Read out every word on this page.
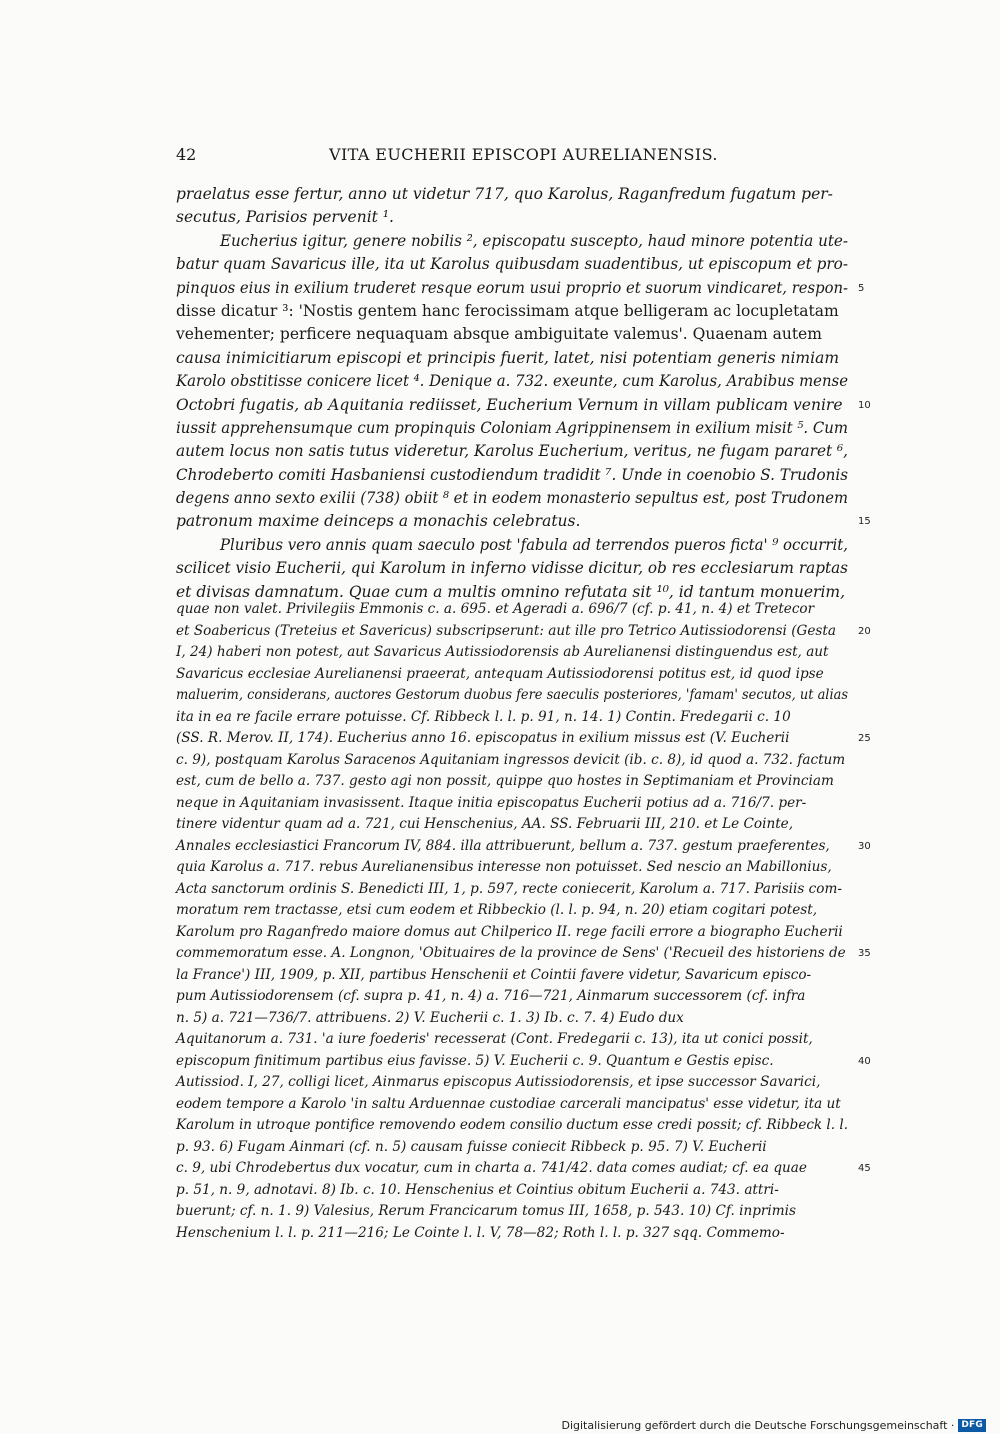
42	VITA EUCHERII EPISCOPI AURELIANENSIS.
praelatus esse fertur, anno ut videtur 717, quo Karolus, Raganfredum fugatum per-
secutus, Parisios pervenit ¹.
Eucherius igitur, genere nobilis ², episcopatu suscepto, haud minore potentia ute-
batur quam Savaricus ille, ita ut Karolus quibusdam suadentibus, ut episcopum et pro-
pinquos eius in exilium truderet resque eorum usui proprio et suorum vindicaret, respon- 5
disse dicatur ³: 'Nostis gentem hanc ferocissimam atque belligeram ac locupletatam
vehementer; perficere nequaquam absque ambiguitate valemus'. Quaenam autem
causa inimicitiarum episcopi et principis fuerit, latet, nisi potentiam generis nimiam
Karolo obstitisse conicere licet ⁴. Denique a. 732. exeunte, cum Karolus, Arabibus mense
Octobri fugatis, ab Aquitania rediisset, Eucherium Vernum in villam publicam venire 10
iussit apprehensumque cum propinquis Coloniam Agrippinensem in exilium misit ⁵. Cum
autem locus non satis tutus videretur, Karolus Eucherium, veritus, ne fugam pararet ⁶,
Chrodeberto comiti Hasbaniensi custodiendum tradidit ⁷. Unde in coenobio S. Trudonis
degens anno sexto exilii (738) obiit ⁸ et in eodem monasterio sepultus est, post Trudonem
patronum maxime deinceps a monachis celebratus.	15
Pluribus vero annis quam saeculo post 'fabula ad terrendos pueros ficta' ⁹ occurrit,
scilicet visio Eucherii, qui Karolum in inferno vidisse dicitur, ob res ecclesiarum raptas
et divisas damnatum. Quae cum a multis omnino refutata sit ¹⁰, id tantum monuerim,
quae non valet. Privilegiis Emmonis c. a. 695. et Ageradi a. 696/7 (cf. p. 41, n. 4) et Tretecor
et Soabericus (Treteius et Savericus) subscripserunt: aut ille pro Tetrico Autissiodorensi (Gesta 20
I, 24) haberi non potest, aut Savaricus Autissiodorensis ab Aurelianensi distinguendus est, aut
Savaricus ecclesiae Aurelianensi praeerat, antequam Autissiodorensi potitus est, id quod ipse
maluerim, considerans, auctores Gestorum duobus fere saeculis posteriores, 'famam' secutos, ut alias
ita in ea re facile errare potuisse. Cf. Ribbeck l. l. p. 91, n. 14. 1) Contin. Fredegarii c. 10
(SS. R. Merov. II, 174). Eucherius anno 16. episcopatus in exilium missus est (V. Eucherii	25
c. 9), postquam Karolus Saracenos Aquitaniam ingressos devicit (ib. c. 8), id quod a. 732. factum
est, cum de bello a. 737. gesto agi non possit, quippe quo hostes in Septimaniam et Provinciam
neque in Aquitaniam invasissent. Itaque initia episcopatus Eucherii potius ad a. 716/7. per-
tinere videntur quam ad a. 721, cui Henschenius, AA. SS. Februarii III, 210. et Le Cointe,
Annales ecclesiastici Francorum IV, 884. illa attribuerunt, bellum a. 737. gestum praeferentes,	30
quia Karolus a. 717. rebus Aurelianensibus interesse non potuisset. Sed nescio an Mabillonius,
Acta sanctorum ordinis S. Benedicti III, 1, p. 597, recte coniecerit, Karolum a. 717. Parisiis com-
moratum rem tractasse, etsi cum eodem et Ribbeckio (l. l. p. 94, n. 20) etiam cogitari potest,
Karolum pro Raganfredo maiore domus aut Chilperico II. rege facili errore a biographo Eucherii
commemoratum esse. A. Longnon, 'Obituaires de la province de Sens' ('Recueil des historiens de 35
la France') III, 1909, p. XII, partibus Henschenii et Cointii favere videtur, Savaricum episco-
pum Autissiodorensem (cf. supra p. 41, n. 4) a. 716—721, Ainmarum successorem (cf. infra
n. 5) a. 721—736/7. attribuens. 2) V. Eucherii c. 1. 3) Ib. c. 7. 4) Eudo dux
Aquitanorum a. 731. 'a iure foederis' recesserat (Cont. Fredegarii c. 13), ita ut conici possit,
episcopum finitimum partibus eius favisse. 5) V. Eucherii c. 9. Quantum e Gestis episc.	40
Autissiod. I, 27, colligi licet, Ainmarus episcopus Autissiodorensis, et ipse successor Savarici,
eodem tempore a Karolo 'in saltu Arduennae custodiae carcerali mancipatus' esse videtur, ita ut
Karolum in utroque pontifice removendo eodem consilio ductum esse credi possit; cf. Ribbeck l. l.
p. 93. 6) Fugam Ainmari (cf. n. 5) causam fuisse coniecit Ribbeck p. 95. 7) V. Eucherii
c. 9, ubi Chrodebertus dux vocatur, cum in charta a. 741/42. data comes audiat; cf. ea quae	45
p. 51, n. 9, adnotavi. 8) Ib. c. 10. Henschenius et Cointius obitum Eucherii a. 743. attri-
buerunt; cf. n. 1. 9) Valesius, Rerum Francicarum tomus III, 1658, p. 543. 10) Cf. inprimis
Henschenium l. l. p. 211—216; Le Cointe l. l. V, 78—82; Roth l. l. p. 327 sqq. Commemo-
Digitalisierung gefördert durch die Deutsche Forschungsgemeinschaft · DFG
